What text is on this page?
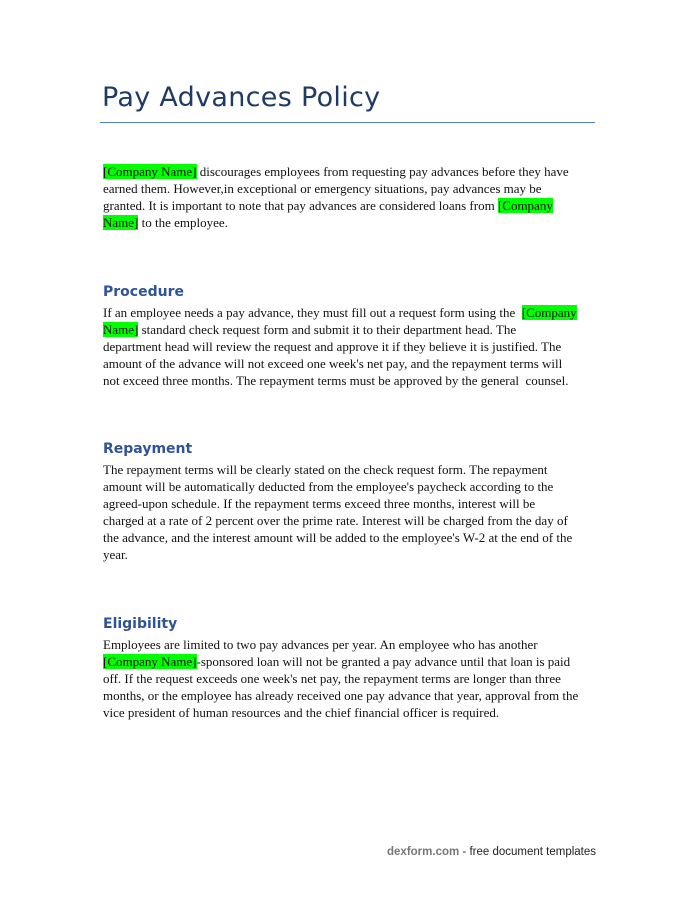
Pay Advances Policy
[Company Name] discourages employees from requesting pay advances before they have
earned them. However,in exceptional or emergency situations, pay advances may be
granted. It is important to note that pay advances are considered loans from [Company
Name] to the employee.
Procedure
If an employee needs a pay advance, they must fill out a request form using the  [Company
Name] standard check request form and submit it to their department head. The
department head will review the request and approve it if they believe it is justified. The
amount of the advance will not exceed one week's net pay, and the repayment terms will
not exceed three months. The repayment terms must be approved by the general  counsel.
Repayment
The repayment terms will be clearly stated on the check request form. The repayment
amount will be automatically deducted from the employee's paycheck according to the
agreed-upon schedule. If the repayment terms exceed three months, interest will be
charged at a rate of 2 percent over the prime rate. Interest will be charged from the day of
the advance, and the interest amount will be added to the employee's W-2 at the end of the
year.
Eligibility
Employees are limited to two pay advances per year. An employee who has another
[Company Name]-sponsored loan will not be granted a pay advance until that loan is paid
off. If the request exceeds one week's net pay, the repayment terms are longer than three
months, or the employee has already received one pay advance that year, approval from the
vice president of human resources and the chief financial officer is required.
dexform.com - free document templates
